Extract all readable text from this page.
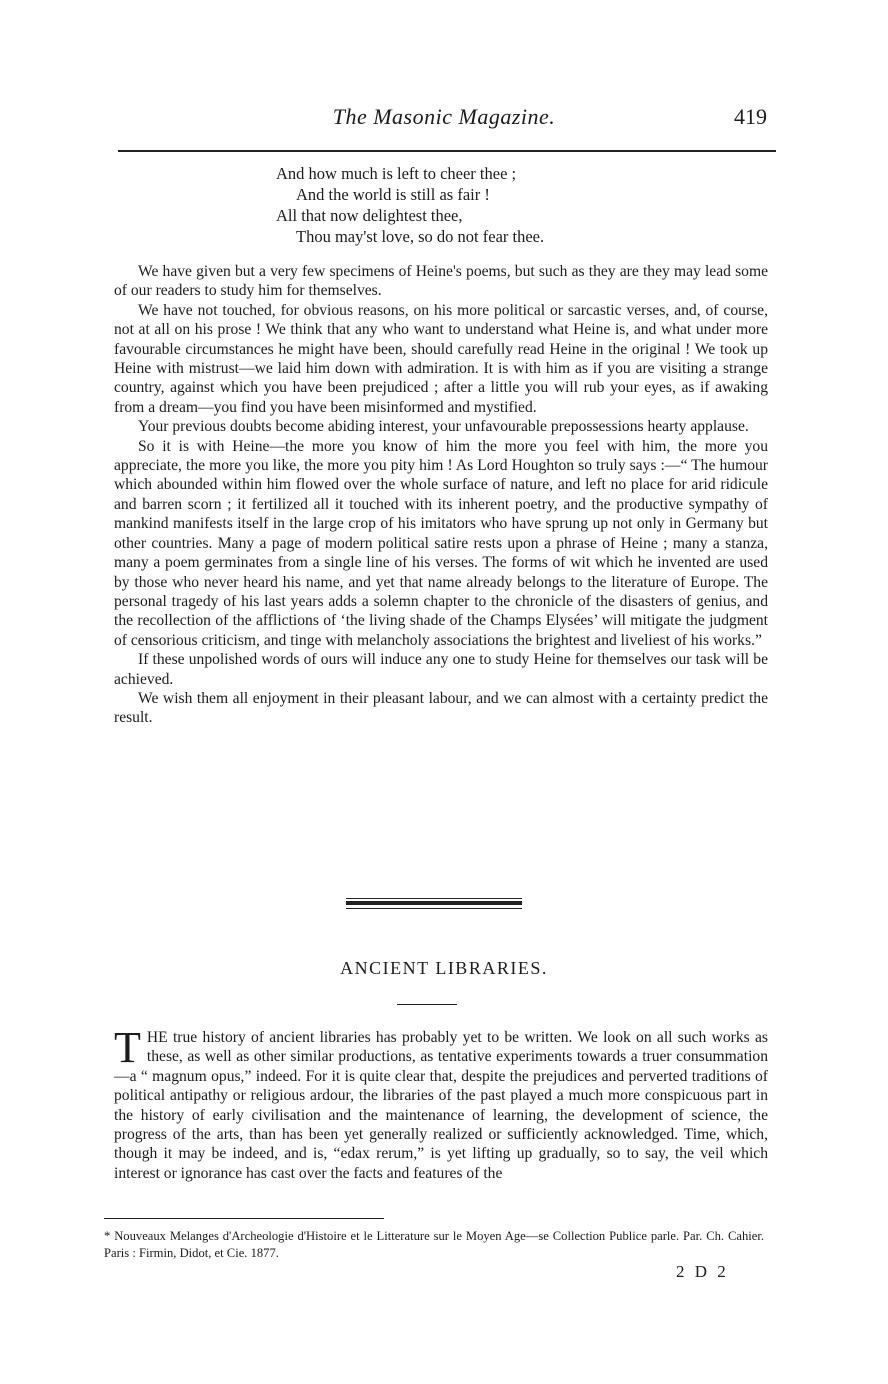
The Masonic Magazine.	419
And how much is left to cheer thee ;
And the world is still as fair !
All that now delightest thee,
Thou may'st love, so do not fear thee.

We have given but a very few specimens of Heine's poems, but such as they are they may lead some of our readers to study him for themselves.

We have not touched, for obvious reasons, on his more political or sarcastic verses, and, of course, not at all on his prose ! We think that any who want to understand what Heine is, and what under more favourable circumstances he might have been, should carefully read Heine in the original ! We took up Heine with mistrust—we laid him down with admiration. It is with him as if you are visiting a strange country, against which you have been prejudiced ; after a little you will rub your eyes, as if awaking from a dream—you find you have been misinformed and mystified.

Your previous doubts become abiding interest, your unfavourable prepossessions hearty applause.

So it is with Heine—the more you know of him the more you feel with him, the more you appreciate, the more you like, the more you pity him ! As Lord Houghton so truly says :—“ The humour which abounded within him flowed over the whole surface of nature, and left no place for arid ridicule and barren scorn ; it fertilized all it touched with its inherent poetry, and the productive sympathy of mankind manifests itself in the large crop of his imitators who have sprung up not only in Germany but other countries. Many a page of modern political satire rests upon a phrase of Heine ; many a stanza, many a poem germinates from a single line of his verses. The forms of wit which he invented are used by those who never heard his name, and yet that name already belongs to the literature of Europe. The personal tragedy of his last years adds a solemn chapter to the chronicle of the disasters of genius, and the recollection of the afflictions of ‘the living shade of the Champs Elysées’ will mitigate the judgment of censorious criticism, and tinge with melancholy associations the brightest and liveliest of his works.”

If these unpolished words of ours will induce any one to study Heine for themselves our task will be achieved.

We wish them all enjoyment in their pleasant labour, and we can almost with a certainty predict the result.

ANCIENT LIBRARIES.

THE true history of ancient libraries has probably yet to be written. We look on all such works as these, as well as other similar productions, as tentative experiments towards a truer consummation—a “ magnum opus,” indeed. For it is quite clear that, despite the prejudices and perverted traditions of political antipathy or religious ardour, the libraries of the past played a much more conspicuous part in the history of early civilisation and the maintenance of learning, the development of science, the progress of the arts, than has been yet generally realized or sufficiently acknowledged. Time, which, though it may be indeed, and is, “edax rerum,” is yet lifting up gradually, so to say, the veil which interest or ignorance has cast over the facts and features of the

* Nouveaux Melanges d'Archeologie d'Histoire et le Litterature sur le Moyen Age—se Collection Publice parle. Par. Ch. Cahier. Paris : Firmin, Didot, et Cie. 1877.
2 D 2
